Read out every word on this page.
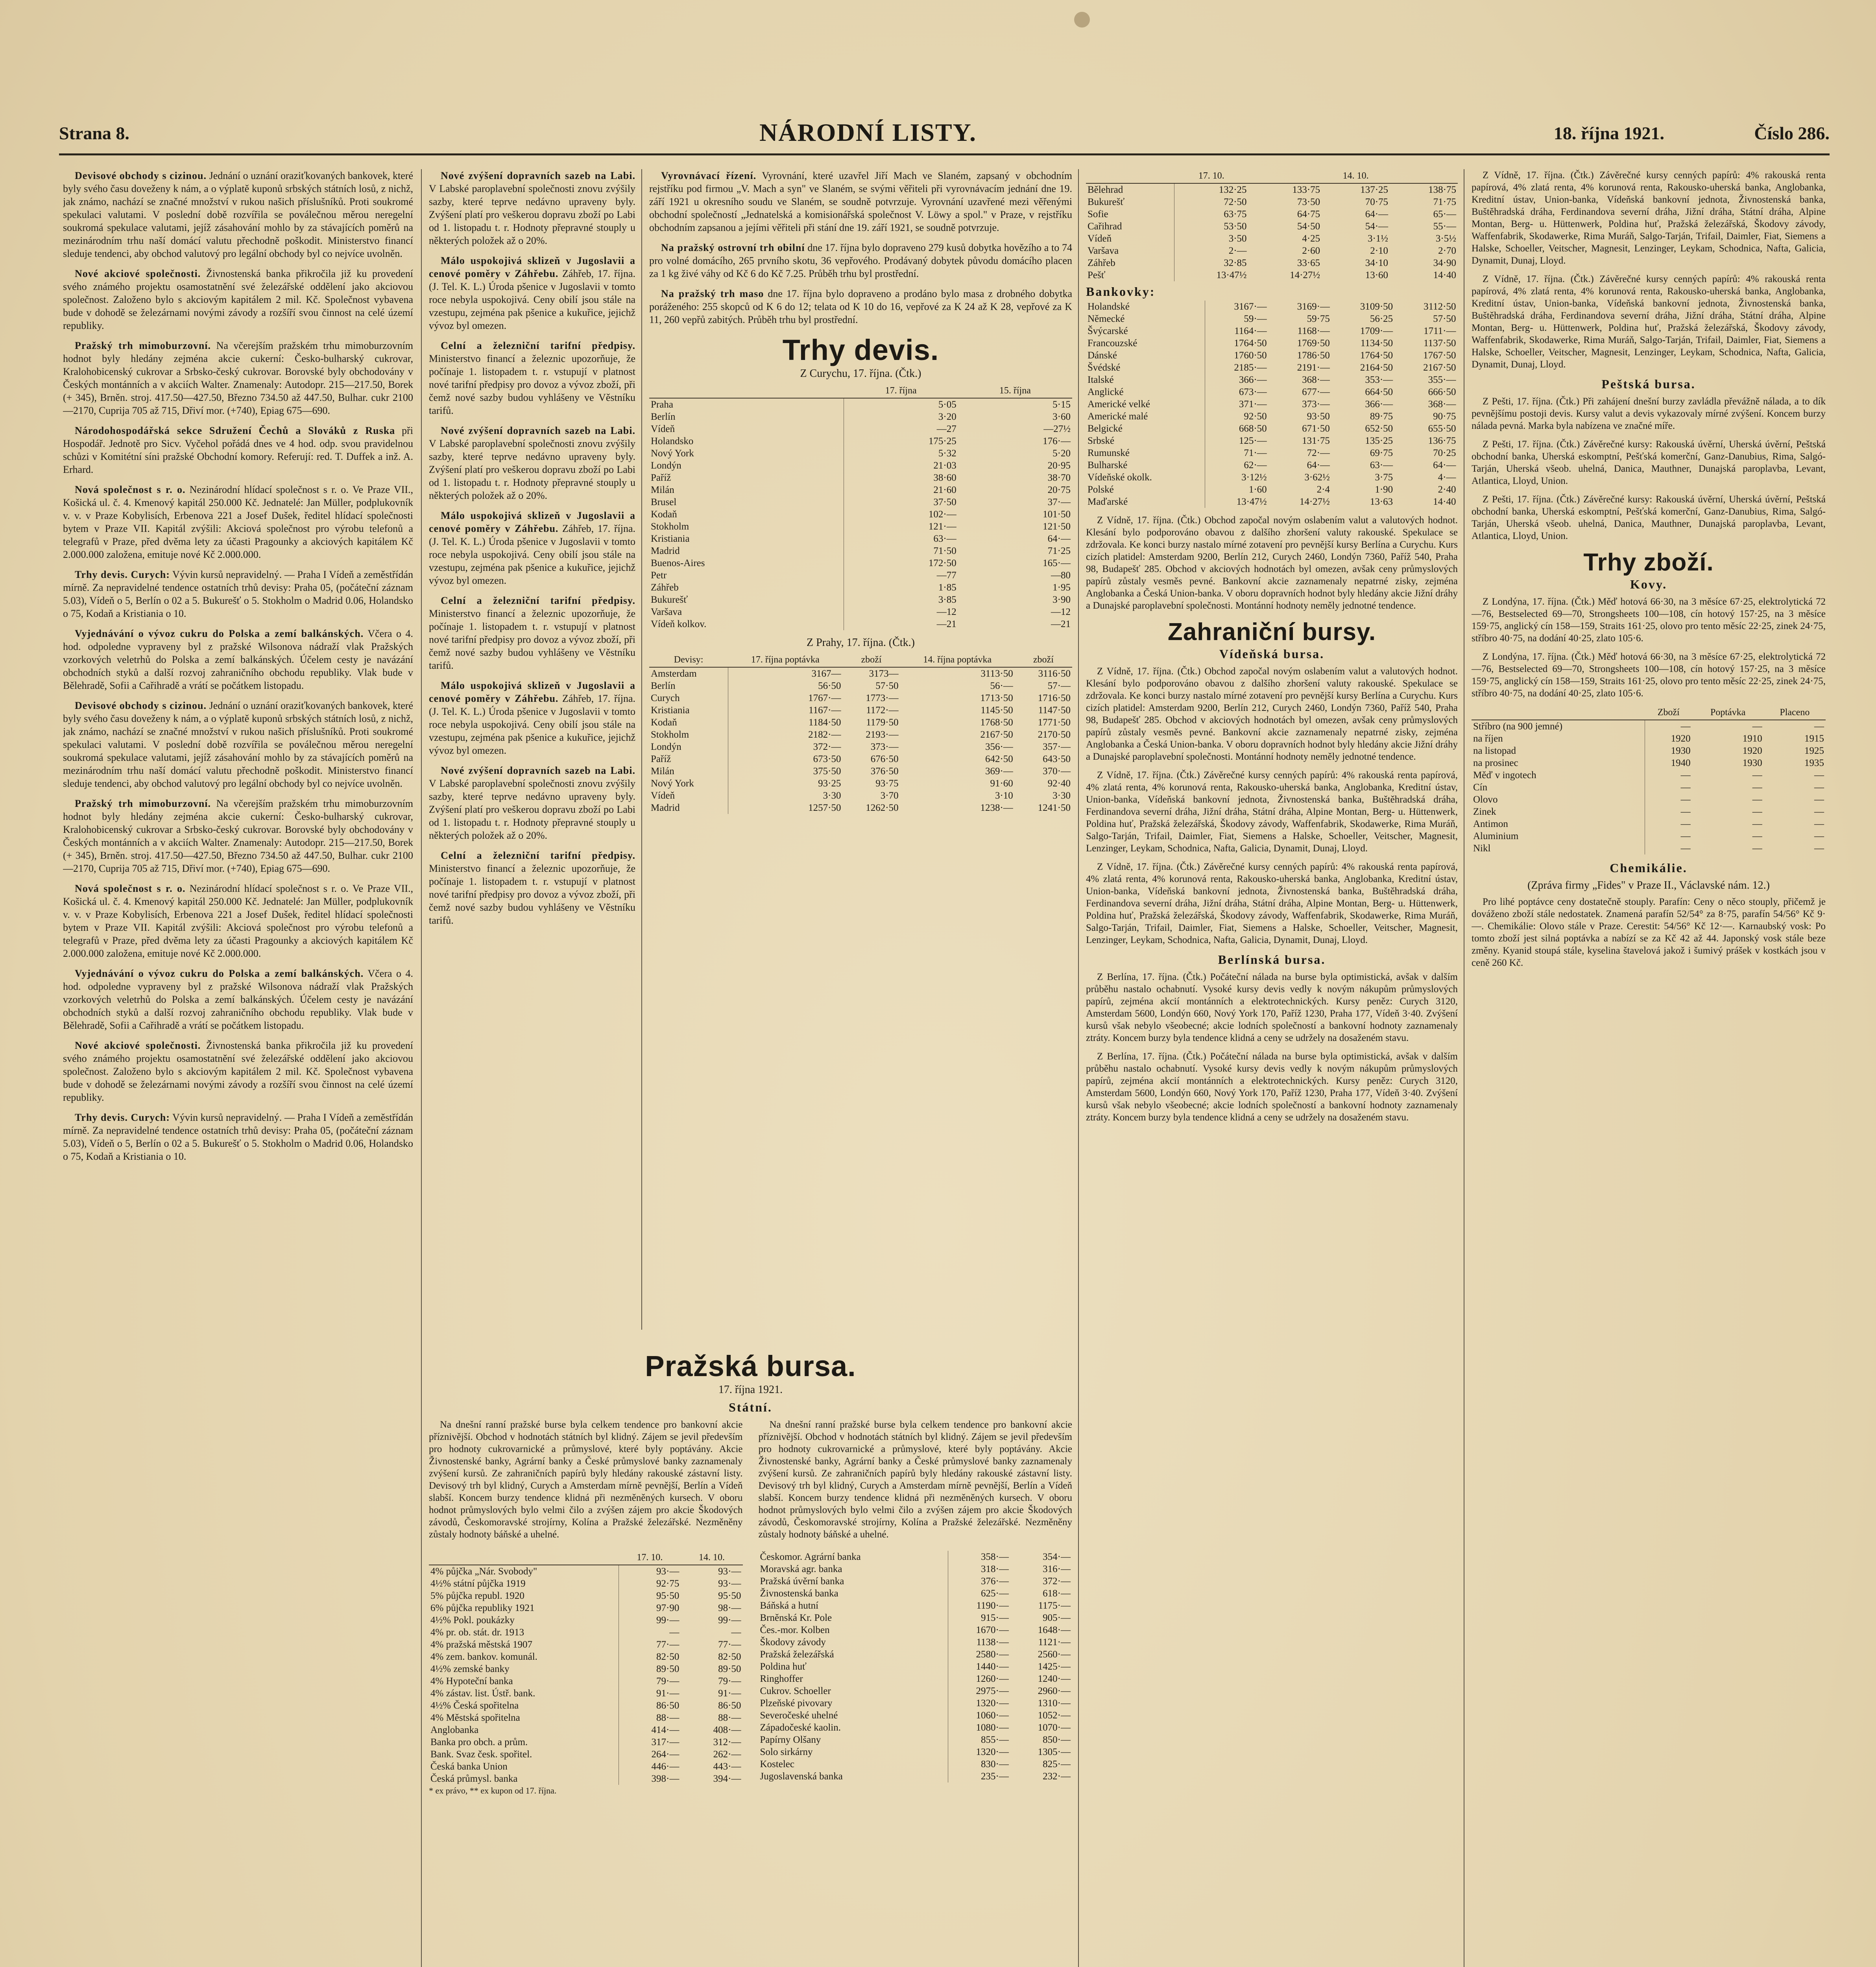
Strana 8.	NÁRODNÍ LISTY.	18. října 1921.	Číslo 286.

Devisové obchody s cizinou. Jednání o uznání oraziťkovaných bankovek, které byly svého času doveženy k nám, a o výplatě kuponů srbských státních losů, z nichž, jak známo, nachází se značné množství v rukou našich příslušníků. Proti soukromé spekulaci valutami. V poslední době rozvířila se poválečnou měrou neregelní soukromá spekulace valutami, jejíž zásahování mohlo by za stávajících poměrů na mezinárodním trhu naší domácí valutu přechodně poškodit. Ministerstvo financí sleduje tendenci, aby obchod valutový pro legální obchody byl co nejvíce uvolněn.

Nové akciové společnosti. Živnostenská banka přikročila již ku provedení svého známého projektu osamostatnění své železářské oddělení jako akciovou společnost. Založeno bylo s akciovým kapitálem 2 mil. Kč. Společnost vybavena bude v dohodě se železárnami novými závody a rozšíří svou činnost na celé území republiky.

Pražský trh mimoburzovní. Na včerejším pražském trhu mimoburzovním hodnot byly hledány zejména akcie cukerní: Česko-bulharský cukrovar, Kralohobicenský cukrovar a Srbsko-český cukrovar. Borovské byly obchodovány v Českých montánních a v akciích Walter. Znamenaly: Autodopr. 215—217.50, Borek (+ 345), Brněn. stroj. 417.50—427.50, Březno 734.50 až 447.50, Bulhar. cukr 2100—2170, Cuprija 705 až 715, Dřiví mor. (+740), Epiag 675—690.

Národohospodářská sekce Sdružení Čechů a Slováků z Ruska při Hospodář. Jednotě pro Sicv. Vyčehol pořádá dnes ve 4 hod. odp. svou pravidelnou schůzi v Komitétní síni pražské Obchodní komory. Referují: red. T. Duffek a inž. A. Erhard.

Nová společnost s r. o. Nezinárodní hlídací společnost s r. o. Ve Praze VII., Košická ul. č. 4. Kmenový kapitál 250.000 Kč. Jednatelé: Jan Müller, podplukovník v. v. v Praze Kobylisích, Erbenova 221 a Josef Dušek, ředitel hlídací společnosti bytem v Praze VII. Kapitál zvýšili: Akciová společnost pro výrobu telefonů a telegrafů v Praze, před dvěma lety za účasti Pragounky a akciových kapitálem Kč 2.000.000 založena, emituje nové Kč 2.000.000.

Trhy devis. Curych: Vývin kursů nepravidelný. — Praha I Vídeň a zeměstřídán mírně. Za nepravidelné tendence ostatních trhů devisy: Praha 05, (počáteční záznam 5.03), Vídeň o 5, Berlín o 02 a 5. Bukurešť o 5. Stokholm o Madrid 0.06, Holandsko o 75, Kodaň a Kristiania o 10.

Vyjednávání o vývoz cukru do Polska a zemí balkánských. Včera o 4. hod. odpoledne vypraveny byl z pražské Wilsonova nádraží vlak Pražských vzorkových veletrhů do Polska a zemí balkánských. Účelem cesty je navázání obchodních styků a další rozvoj zahraničního obchodu republiky. Vlak bude v Bělehradě, Sofii a Cařihradě a vrátí se počátkem listopadu.

Devisové obchody s cizinou. Jednání o uznání oraziťkovaných bankovek, které byly svého času doveženy k nám, a o výplatě kuponů srbských státních losů, z nichž, jak známo, nachází se značné množství v rukou našich příslušníků. Proti soukromé spekulaci valutami. V poslední době rozvířila se poválečnou měrou neregelní soukromá spekulace valutami, jejíž zásahování mohlo by za stávajících poměrů na mezinárodním trhu naší domácí valutu přechodně poškodit. Ministerstvo financí sleduje tendenci, aby obchod valutový pro legální obchody byl co nejvíce uvolněn.

Pražský trh mimoburzovní. Na včerejším pražském trhu mimoburzovním hodnot byly hledány zejména akcie cukerní: Česko-bulharský cukrovar, Kralohobicenský cukrovar a Srbsko-český cukrovar. Borovské byly obchodovány v Českých montánních a v akciích Walter. Znamenaly: Autodopr. 215—217.50, Borek (+ 345), Brněn. stroj. 417.50—427.50, Březno 734.50 až 447.50, Bulhar. cukr 2100—2170, Cuprija 705 až 715, Dřiví mor. (+740), Epiag 675—690.

Nová společnost s r. o. Nezinárodní hlídací společnost s r. o. Ve Praze VII., Košická ul. č. 4. Kmenový kapitál 250.000 Kč. Jednatelé: Jan Müller, podplukovník v. v. v Praze Kobylisích, Erbenova 221 a Josef Dušek, ředitel hlídací společnosti bytem v Praze VII. Kapitál zvýšili: Akciová společnost pro výrobu telefonů a telegrafů v Praze, před dvěma lety za účasti Pragounky a akciových kapitálem Kč 2.000.000 založena, emituje nové Kč 2.000.000.

Vyjednávání o vývoz cukru do Polska a zemí balkánských. Včera o 4. hod. odpoledne vypraveny byl z pražské Wilsonova nádraží vlak Pražských vzorkových veletrhů do Polska a zemí balkánských. Účelem cesty je navázání obchodních styků a další rozvoj zahraničního obchodu republiky. Vlak bude v Bělehradě, Sofii a Cařihradě a vrátí se počátkem listopadu.

Nové akciové společnosti. Živnostenská banka přikročila již ku provedení svého známého projektu osamostatnění své železářské oddělení jako akciovou společnost. Založeno bylo s akciovým kapitálem 2 mil. Kč. Společnost vybavena bude v dohodě se železárnami novými závody a rozšíří svou činnost na celé území republiky.

Trhy devis. Curych: Vývin kursů nepravidelný. — Praha I Vídeň a zeměstřídán mírně. Za nepravidelné tendence ostatních trhů devisy: Praha 05, (počáteční záznam 5.03), Vídeň o 5, Berlín o 02 a 5. Bukurešť o 5. Stokholm o Madrid 0.06, Holandsko o 75, Kodaň a Kristiania o 10.

Nové zvýšení dopravních sazeb na Labi. V Labské paroplavební společnosti znovu zvýšily sazby, které teprve nedávno upraveny byly. Zvýšení platí pro veškerou dopravu zboží po Labi od 1. listopadu t. r. Hodnoty přepravné stouply u některých položek až o 20%.

Málo uspokojivá sklizeň v Jugoslavii a cenové poměry v Záhřebu. Záhřeb, 17. října. (J. Tel. K. L.) Úroda pšenice v Jugoslavii v tomto roce nebyla uspokojivá. Ceny obilí jsou stále na vzestupu, zejména pak pšenice a kukuřice, jejichž vývoz byl omezen.

Celní a železniční tarifní předpisy. Ministerstvo financí a železnic upozorňuje, že počínaje 1. listopadem t. r. vstupují v platnost nové tarifní předpisy pro dovoz a vývoz zboží, při čemž nové sazby budou vyhlášeny ve Věstníku tarifů.

Nové zvýšení dopravních sazeb na Labi. V Labské paroplavební společnosti znovu zvýšily sazby, které teprve nedávno upraveny byly. Zvýšení platí pro veškerou dopravu zboží po Labi od 1. listopadu t. r. Hodnoty přepravné stouply u některých položek až o 20%.

Málo uspokojivá sklizeň v Jugoslavii a cenové poměry v Záhřebu. Záhřeb, 17. října. (J. Tel. K. L.) Úroda pšenice v Jugoslavii v tomto roce nebyla uspokojivá. Ceny obilí jsou stále na vzestupu, zejména pak pšenice a kukuřice, jejichž vývoz byl omezen.

Celní a železniční tarifní předpisy. Ministerstvo financí a železnic upozorňuje, že počínaje 1. listopadem t. r. vstupují v platnost nové tarifní předpisy pro dovoz a vývoz zboží, při čemž nové sazby budou vyhlášeny ve Věstníku tarifů.

Málo uspokojivá sklizeň v Jugoslavii a cenové poměry v Záhřebu. Záhřeb, 17. října. (J. Tel. K. L.) Úroda pšenice v Jugoslavii v tomto roce nebyla uspokojivá. Ceny obilí jsou stále na vzestupu, zejména pak pšenice a kukuřice, jejichž vývoz byl omezen.

Nové zvýšení dopravních sazeb na Labi. V Labské paroplavební společnosti znovu zvýšily sazby, které teprve nedávno upraveny byly. Zvýšení platí pro veškerou dopravu zboží po Labi od 1. listopadu t. r. Hodnoty přepravné stouply u některých položek až o 20%.

Celní a železniční tarifní předpisy. Ministerstvo financí a železnic upozorňuje, že počínaje 1. listopadem t. r. vstupují v platnost nové tarifní předpisy pro dovoz a vývoz zboží, při čemž nové sazby budou vyhlášeny ve Věstníku tarifů.

Vyrovnávací řízení. Vyrovnání, které uzavřel Jiří Mach ve Slaném, zapsaný v obchodním rejstříku pod firmou „V. Mach a syn" ve Slaném, se svými věřiteli při vyrovnávacím jednání dne 19. září 1921 u okresního soudu ve Slaném, se soudně potvrzuje. Vyrovnání uzavřené mezi věřenými obchodní společností „Jednatelská a komisionářská společnost V. Löwy a spol." v Praze, v rejstříku obchodním zapsanou a jejími věřiteli při stání dne 19. září 1921, se soudně potvrzuje.

Na pražský ostrovní trh obilní dne 17. října bylo dopraveno 279 kusů dobytka hovězího a to 74 pro volné domácího, 265 prvního skotu, 36 vepřového. Prodávaný dobytek původu domácího placen za 1 kg živé váhy od Kč 6 do Kč 7.25. Průběh trhu byl prostřední.

Na pražský trh maso dne 17. října bylo dopraveno a prodáno bylo masa z drobného dobytka poráženého: 255 skopců od K 6 do 12; telata od K 10 do 16, vepřové za K 24 až K 28, vepřové za K 11, 260 vepřů zabitých. Průběh trhu byl prostřední.

Trhy devis.
Z Curychu, 17. října. (Čtk.)
	17. října	15. října
Praha	5·05	5·15
Berlín	3·20	3·60
Vídeň	—27	—27½
Holandsko	175·25	176·—
Nový York	5·32	5·20
Londýn	21·03	20·95
Paříž	38·60	38·70
Milán	21·60	20·75
Brusel	37·50	37·—
Kodaň	102·—	101·50
Stokholm	121·—	121·50
Kristiania	63·—	64·—
Madrid	71·50	71·25
Buenos-Aires	172·50	165·—
Petr	—77	—80
Záhřeb	1·85	1·95
Bukurešť	3·85	3·90
Varšava	—12	—12
Vídeň kolkov.	—21	—21
Z Prahy, 17. října. (Čtk.)
Devisy:	17. října poptávka	zboží	14. října poptávka	zboží
Amsterdam	3167—	3173—	3113·50	3116·50
Berlín	56·50	57·50	56·—	57·—
Curych	1767·—	1773·—	1713·50	1716·50
Kristiania	1167·—	1172·—	1145·50	1147·50
Kodaň	1184·50	1179·50	1768·50	1771·50
Stokholm	2182·—	2193·—	2167·50	2170·50
Londýn	372·—	373·—	356·—	357·—
Paříž	673·50	676·50	642·50	643·50
Milán	375·50	376·50	369·—	370·—
Nový York	93·25	93·75	91·60	92·40
Vídeň	3·30	3·70	3·10	3·30
Madrid	1257·50	1262·50	1238·—	1241·50
Pražská bursa.
17. října 1921.
Státní.

Na dnešní ranní pražské burse byla celkem tendence pro bankovní akcie příznivější. Obchod v hodnotách státních byl klidný. Zájem se jevil především pro hodnoty cukrovarnické a průmyslové, které byly poptávány. Akcie Živnostenské banky, Agrární banky a České průmyslové banky zaznamenaly zvýšení kursů. Ze zahraničních papírů byly hledány rakouské zástavní listy. Devisový trh byl klidný, Curych a Amsterdam mírně pevnější, Berlín a Vídeň slabší. Koncem burzy tendence klidná při nezměněných kursech. V oboru hodnot průmyslových bylo velmi čilo a zvýšen zájem pro akcie Škodových závodů, Českomoravské strojírny, Kolína a Pražské železářské. Nezměněny zůstaly hodnoty báňské a uhelné.

Na dnešní ranní pražské burse byla celkem tendence pro bankovní akcie příznivější. Obchod v hodnotách státních byl klidný. Zájem se jevil především pro hodnoty cukrovarnické a průmyslové, které byly poptávány. Akcie Živnostenské banky, Agrární banky a České průmyslové banky zaznamenaly zvýšení kursů. Ze zahraničních papírů byly hledány rakouské zástavní listy. Devisový trh byl klidný, Curych a Amsterdam mírně pevnější, Berlín a Vídeň slabší. Koncem burzy tendence klidná při nezměněných kursech. V oboru hodnot průmyslových bylo velmi čilo a zvýšen zájem pro akcie Škodových závodů, Českomoravské strojírny, Kolína a Pražské železářské. Nezměněny zůstaly hodnoty báňské a uhelné.

	17. 10.	14. 10.
4% půjčka „Nár. Svobody"	93·—	93·—
4½% státní půjčka 1919	92·75	93·—
5% půjčka republ. 1920	95·50	95·50
6% půjčka republiky 1921	97·90	98·—
4½% Pokl. poukázky	99·—	99·—
4% pr. ob. stát. dr. 1913	—	—
4% pražská městská 1907	77·—	77·—
4% zem. bankov. komunál.	82·50	82·50
4½% zemské banky	89·50	89·50
4% Hypoteční banka	79·—	79·—
4% zástav. list. Ústř. bank.	91·—	91·—
4½% Česká spořitelna	86·50	86·50
4% Městská spořitelna	88·—	88·—
Anglobanka	414·—	408·—
Banka pro obch. a prům.	317·—	312·—
Bank. Svaz česk. spořitel.	264·—	262·—
Česká banka Union	446·—	443·—
Česká průmysl. banka	398·—	394·—
Českomor. Agrární banka	358·—	354·—
Moravská agr. banka	318·—	316·—
Pražská úvěrní banka	376·—	372·—
Živnostenská banka	625·—	618·—
Báňská a hutní	1190·—	1175·—
Brněnská Kr. Pole	915·—	905·—
Čes.-mor. Kolben	1670·—	1648·—
Škodovy závody	1138·—	1121·—
Pražská železářská	2580·—	2560·—
Poldina huť	1440·—	1425·—
Ringhoffer	1260·—	1240·—
Cukrov. Schoeller	2975·—	2960·—
Plzeňské pivovary	1320·—	1310·—
Severočeské uhelné	1060·—	1052·—
Západočeské kaolin.	1080·—	1070·—
Papírny Olšany	855·—	850·—
Solo sirkárny	1320·—	1305·—
Kostelec	830·—	825·—
Jugoslavenská banka	235·—	232·—
* ex právo, ** ex kupon od 17. října.
	17. 10.		14. 10.	
Bělehrad	132·25	133·75	137·25	138·75
Bukurešť	72·50	73·50	70·75	71·75
Sofie	63·75	64·75	64·—	65·—
Cařihrad	53·50	54·50	54·—	55·—
Vídeň	3·50	4·25	3·1½	3·5½
Varšava	2·—	2·60	2·10	2·70
Záhřeb	32·85	33·65	34·10	34·90
Pešť	13·47½	14·27½	13·60	14·40
Bankovky:
Holandské	3167·—	3169·—	3109·50	3112·50
Německé	59·—	59·75	56·25	57·50
Švýcarské	1164·—	1168·—	1709·—	1711·—
Francouzské	1764·50	1769·50	1134·50	1137·50
Dánské	1760·50	1786·50	1764·50	1767·50
Švédské	2185·—	2191·—	2164·50	2167·50
Italské	366·—	368·—	353·—	355·—
Anglické	673·—	677·—	664·50	666·50
Americké velké	371·—	373·—	366·—	368·—
Americké malé	92·50	93·50	89·75	90·75
Belgické	668·50	671·50	652·50	655·50
Srbské	125·—	131·75	135·25	136·75
Rumunské	71·—	72·—	69·75	70·25
Bulharské	62·—	64·—	63·—	64·—
Vídeňské okolk.	3·12½	3·62½	3·75	4·—
Polské	1·60	2·4	1·90	2·40
Maďarské	13·47½	14·27½	13·63	14·40

Z Vídně, 17. října. (Čtk.) Obchod započal novým oslabením valut a valutových hodnot. Klesání bylo podporováno obavou z dalšího zhoršení valuty rakouské. Spekulace se zdržovala. Ke konci burzy nastalo mírné zotavení pro pevnější kursy Berlína a Curychu. Kurs cizích platidel: Amsterdam 9200, Berlín 212, Curych 2460, Londýn 7360, Paříž 540, Praha 98, Budapešť 285. Obchod v akciových hodnotách byl omezen, avšak ceny průmyslových papírů zůstaly vesměs pevné. Bankovní akcie zaznamenaly nepatrné zisky, zejména Anglobanka a Česká Union-banka. V oboru dopravních hodnot byly hledány akcie Jižní dráhy a Dunajské paroplavební společnosti. Montánní hodnoty neměly jednotné tendence.

Zahraniční bursy.
Vídeňská bursa.

Z Vídně, 17. října. (Čtk.) Obchod započal novým oslabením valut a valutových hodnot. Klesání bylo podporováno obavou z dalšího zhoršení valuty rakouské. Spekulace se zdržovala. Ke konci burzy nastalo mírné zotavení pro pevnější kursy Berlína a Curychu. Kurs cizích platidel: Amsterdam 9200, Berlín 212, Curych 2460, Londýn 7360, Paříž 540, Praha 98, Budapešť 285. Obchod v akciových hodnotách byl omezen, avšak ceny průmyslových papírů zůstaly vesměs pevné. Bankovní akcie zaznamenaly nepatrné zisky, zejména Anglobanka a Česká Union-banka. V oboru dopravních hodnot byly hledány akcie Jižní dráhy a Dunajské paroplavební společnosti. Montánní hodnoty neměly jednotné tendence.

Z Vídně, 17. října. (Čtk.) Závěrečné kursy cenných papírů: 4% rakouská renta papírová, 4% zlatá renta, 4% korunová renta, Rakousko-uherská banka, Anglobanka, Kreditní ústav, Union-banka, Vídeňská bankovní jednota, Živnostenská banka, Buštěhradská dráha, Ferdinandova severní dráha, Jižní dráha, Státní dráha, Alpine Montan, Berg- u. Hüttenwerk, Poldina huť, Pražská železářská, Škodovy závody, Waffenfabrik, Skodawerke, Rima Muráň, Salgo-Tarján, Trifail, Daimler, Fiat, Siemens a Halske, Schoeller, Veitscher, Magnesit, Lenzinger, Leykam, Schodnica, Nafta, Galicia, Dynamit, Dunaj, Lloyd.

Z Vídně, 17. října. (Čtk.) Závěrečné kursy cenných papírů: 4% rakouská renta papírová, 4% zlatá renta, 4% korunová renta, Rakousko-uherská banka, Anglobanka, Kreditní ústav, Union-banka, Vídeňská bankovní jednota, Živnostenská banka, Buštěhradská dráha, Ferdinandova severní dráha, Jižní dráha, Státní dráha, Alpine Montan, Berg- u. Hüttenwerk, Poldina huť, Pražská železářská, Škodovy závody, Waffenfabrik, Skodawerke, Rima Muráň, Salgo-Tarján, Trifail, Daimler, Fiat, Siemens a Halske, Schoeller, Veitscher, Magnesit, Lenzinger, Leykam, Schodnica, Nafta, Galicia, Dynamit, Dunaj, Lloyd.

Berlínská bursa.

Z Berlína, 17. října. (Čtk.) Počáteční nálada na burse byla optimistická, avšak v dalším průběhu nastalo ochabnutí. Vysoké kursy devis vedly k novým nákupům průmyslových papírů, zejména akcií montánních a elektrotechnických. Kursy peněz: Curych 3120, Amsterdam 5600, Londýn 660, Nový York 170, Paříž 1230, Praha 177, Vídeň 3·40. Zvýšení kursů však nebylo všeobecné; akcie lodních společností a bankovní hodnoty zaznamenaly ztráty. Koncem burzy byla tendence klidná a ceny se udržely na dosaženém stavu.

Z Berlína, 17. října. (Čtk.) Počáteční nálada na burse byla optimistická, avšak v dalším průběhu nastalo ochabnutí. Vysoké kursy devis vedly k novým nákupům průmyslových papírů, zejména akcií montánních a elektrotechnických. Kursy peněz: Curych 3120, Amsterdam 5600, Londýn 660, Nový York 170, Paříž 1230, Praha 177, Vídeň 3·40. Zvýšení kursů však nebylo všeobecné; akcie lodních společností a bankovní hodnoty zaznamenaly ztráty. Koncem burzy byla tendence klidná a ceny se udržely na dosaženém stavu.

Z Vídně, 17. října. (Čtk.) Závěrečné kursy cenných papírů: 4% rakouská renta papírová, 4% zlatá renta, 4% korunová renta, Rakousko-uherská banka, Anglobanka, Kreditní ústav, Union-banka, Vídeňská bankovní jednota, Živnostenská banka, Buštěhradská dráha, Ferdinandova severní dráha, Jižní dráha, Státní dráha, Alpine Montan, Berg- u. Hüttenwerk, Poldina huť, Pražská železářská, Škodovy závody, Waffenfabrik, Skodawerke, Rima Muráň, Salgo-Tarján, Trifail, Daimler, Fiat, Siemens a Halske, Schoeller, Veitscher, Magnesit, Lenzinger, Leykam, Schodnica, Nafta, Galicia, Dynamit, Dunaj, Lloyd.

Z Vídně, 17. října. (Čtk.) Závěrečné kursy cenných papírů: 4% rakouská renta papírová, 4% zlatá renta, 4% korunová renta, Rakousko-uherská banka, Anglobanka, Kreditní ústav, Union-banka, Vídeňská bankovní jednota, Živnostenská banka, Buštěhradská dráha, Ferdinandova severní dráha, Jižní dráha, Státní dráha, Alpine Montan, Berg- u. Hüttenwerk, Poldina huť, Pražská železářská, Škodovy závody, Waffenfabrik, Skodawerke, Rima Muráň, Salgo-Tarján, Trifail, Daimler, Fiat, Siemens a Halske, Schoeller, Veitscher, Magnesit, Lenzinger, Leykam, Schodnica, Nafta, Galicia, Dynamit, Dunaj, Lloyd.

Peštská bursa.

Z Pešti, 17. října. (Čtk.) Při zahájení dnešní burzy zavládla převážně nálada, a to dík pevnějšímu postoji devis. Kursy valut a devis vykazovaly mírné zvýšení. Koncem burzy nálada pevná. Marka byla nabízena ve značné míře.

Z Pešti, 17. října. (Čtk.) Závěrečné kursy: Rakouská úvěrní, Uherská úvěrní, Peštská obchodní banka, Uherská eskomptní, Pešťská komerční, Ganz-Danubius, Rima, Salgó-Tarján, Uherská všeob. uhelná, Danica, Mauthner, Dunajská paroplavba, Levant, Atlantica, Lloyd, Union.

Z Pešti, 17. října. (Čtk.) Závěrečné kursy: Rakouská úvěrní, Uherská úvěrní, Peštská obchodní banka, Uherská eskomptní, Pešťská komerční, Ganz-Danubius, Rima, Salgó-Tarján, Uherská všeob. uhelná, Danica, Mauthner, Dunajská paroplavba, Levant, Atlantica, Lloyd, Union.

Trhy zboží.
Kovy.

Z Londýna, 17. října. (Čtk.) Měď hotová 66·30, na 3 měsíce 67·25, elektrolytická 72—76, Bestselected 69—70, Strongsheets 100—108, cín hotový 157·25, na 3 měsíce 159·75, anglický cín 158—159, Straits 161·25, olovo pro tento měsíc 22·25, zinek 24·75, stříbro 40·75, na dodání 40·25, zlato 105·6.

Z Londýna, 17. října. (Čtk.) Měď hotová 66·30, na 3 měsíce 67·25, elektrolytická 72—76, Bestselected 69—70, Strongsheets 100—108, cín hotový 157·25, na 3 měsíce 159·75, anglický cín 158—159, Straits 161·25, olovo pro tento měsíc 22·25, zinek 24·75, stříbro 40·75, na dodání 40·25, zlato 105·6.

	Zboží	Poptávka	Placeno
Stříbro (na 900 jemné)	—	—	—
na říjen	1920	1910	1915
na listopad	1930	1920	1925
na prosinec	1940	1930	1935
Měď v ingotech	—	—	—
Cín	—	—	—
Olovo	—	—	—
Zinek	—	—	—
Antimon	—	—	—
Aluminium	—	—	—
Nikl	—	—	—
Chemikálie.
(Zpráva firmy „Fides" v Praze II., Václavské nám. 12.)

Pro lihé poptávce ceny dostatečně stouply. Parafín: Ceny o něco stouply, přičemž je dováženo zboží stále nedostatek. Znamená parafín 52/54° za 8·75, parafín 54/56° Kč 9·—. Chemikálie: Olovo stále v Praze. Cerestit: 54/56° Kč 12·—. Karnaubský vosk: Po tomto zboží jest silná poptávka a nabízí se za Kč 42 až 44. Japonský vosk stále beze změny. Kyanid stoupá stále, kyselina štavelová jakož i šumivý prášek v kostkách jsou v ceně 260 Kč.
